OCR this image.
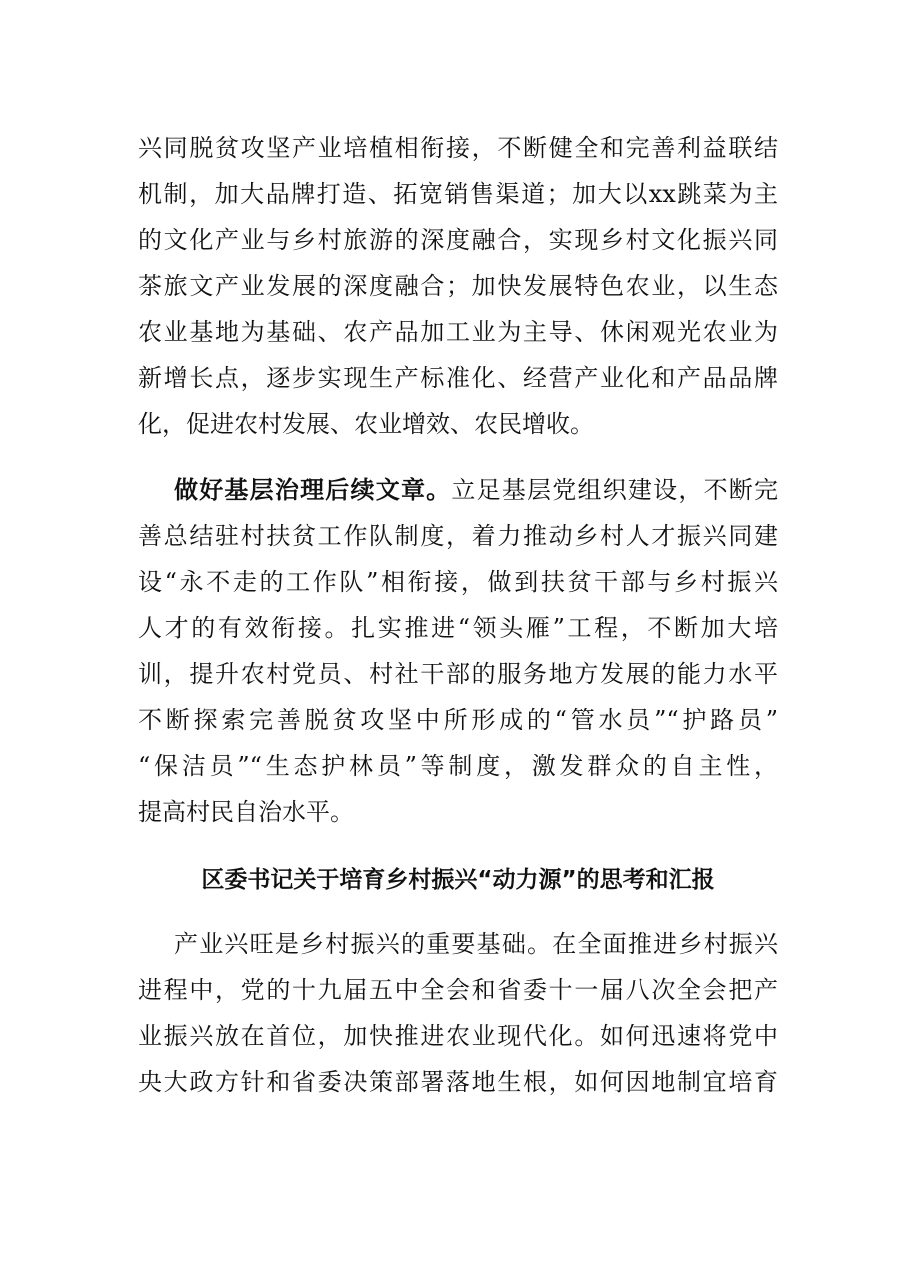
兴同脱贫攻坚产业培植相衔接，不断健全和完善利益联结
机制，加大品牌打造、拓宽销售渠道；加大以xx跳菜为主
的文化产业与乡村旅游的深度融合，实现乡村文化振兴同
茶旅文产业发展的深度融合；加快发展特色农业，以生态
农业基地为基础、农产品加工业为主导、休闲观光农业为
新增长点，逐步实现生产标准化、经营产业化和产品品牌
化，促进农村发展、农业增效、农民增收。
做好基层治理后续文章。立足基层党组织建设，不断完
善总结驻村扶贫工作队制度，着力推动乡村人才振兴同建
设“永不走的工作队”相衔接，做到扶贫干部与乡村振兴
人才的有效衔接。扎实推进“领头雁”工程，不断加大培
训，提升农村党员、村社干部的服务地方发展的能力水平
不断探索完善脱贫攻坚中所形成的“管水员”“护路员”
“保洁员”“生态护林员”等制度，激发群众的自主性，
提高村民自治水平。
区委书记关于培育乡村振兴“动力源”的思考和汇报
产业兴旺是乡村振兴的重要基础。在全面推进乡村振兴
进程中，党的十九届五中全会和省委十一届八次全会把产
业振兴放在首位，加快推进农业现代化。如何迅速将党中
央大政方针和省委决策部署落地生根，如何因地制宜培育
